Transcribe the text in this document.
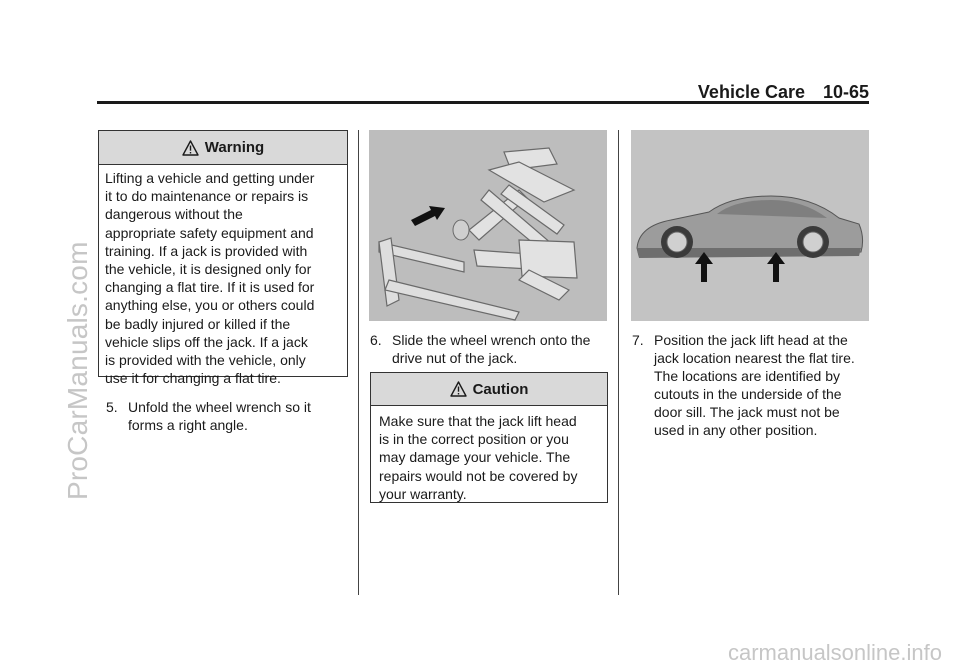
ProCarManuals.com
Vehicle Care 10-65
Warning
Lifting a vehicle and getting under
it to do maintenance or repairs is
dangerous without the
appropriate safety equipment and
training. If a jack is provided with
the vehicle, it is designed only for
changing a flat tire. If it is used for
anything else, you or others could
be badly injured or killed if the
vehicle slips off the jack. If a jack
is provided with the vehicle, only
use it for changing a flat tire.
5. Unfold the wheel wrench so it
forms a right angle.
6. Slide the wheel wrench onto the
drive nut of the jack.
Caution
Make sure that the jack lift head
is in the correct position or you
may damage your vehicle. The
repairs would not be covered by
your warranty.
7. Position the jack lift head at the
jack location nearest the flat tire.
The locations are identified by
cutouts in the underside of the
door sill. The jack must not be
used in any other position.
carmanualsonline.info
